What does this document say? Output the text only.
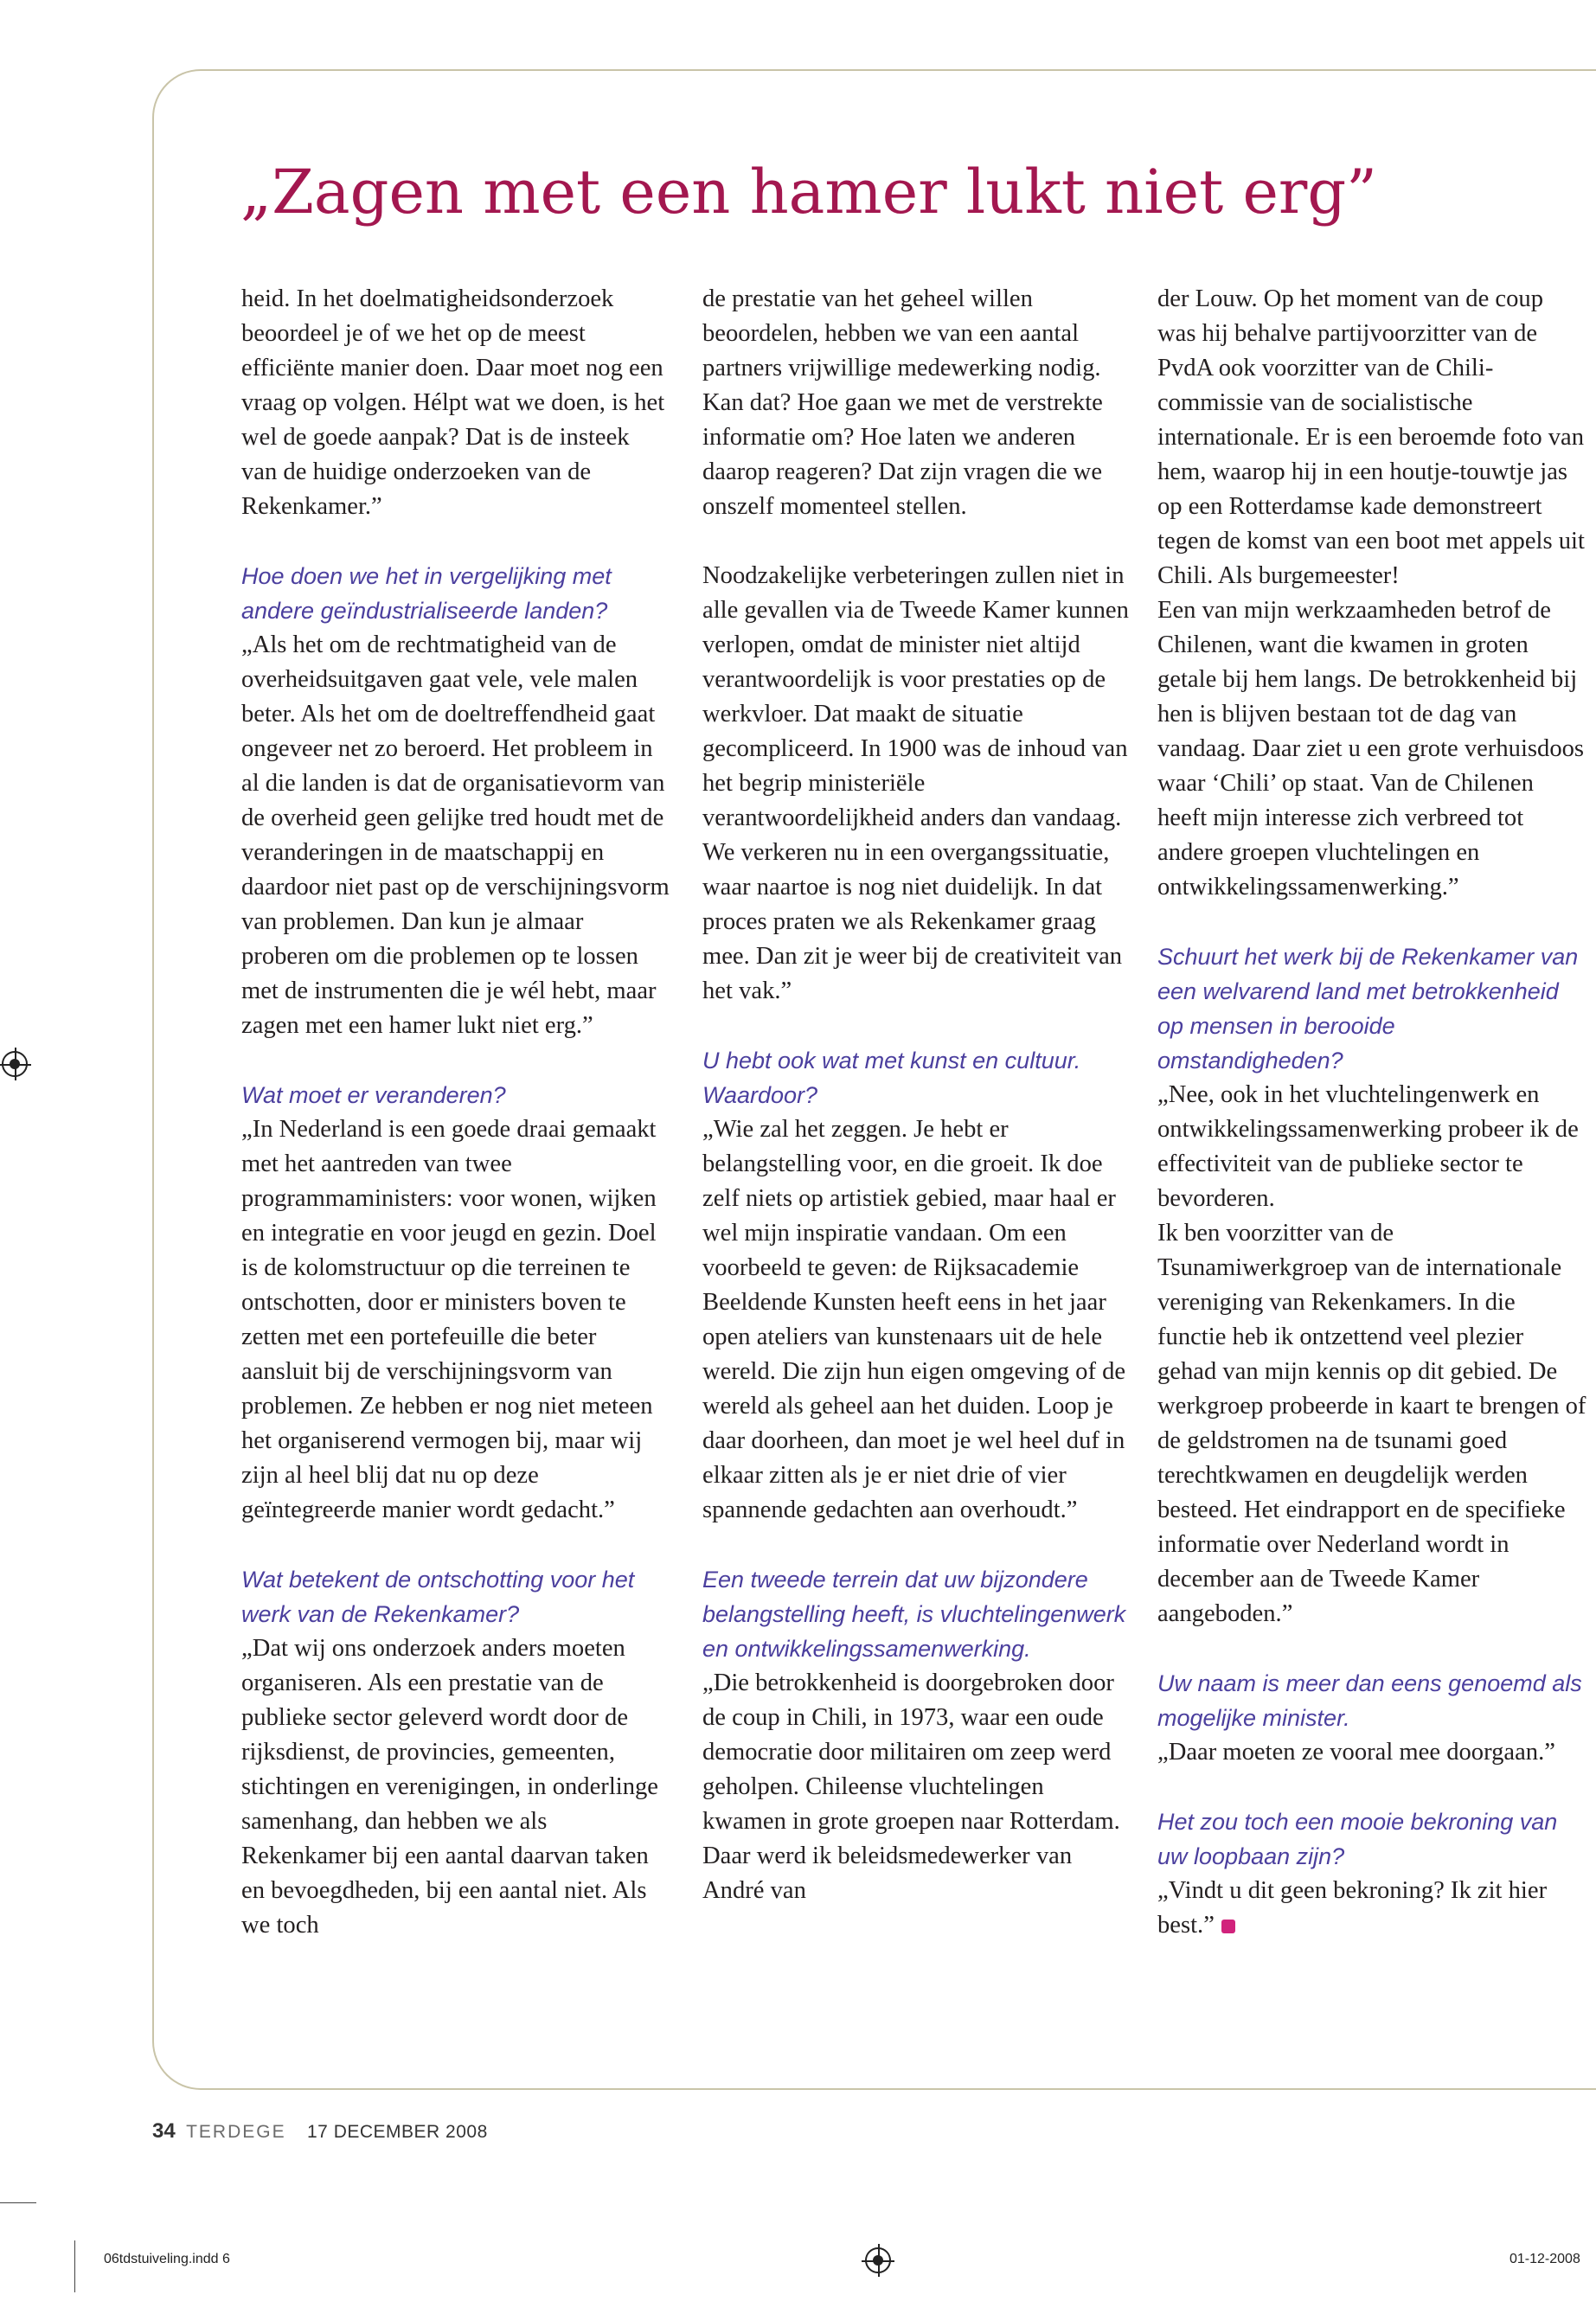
„Zagen met een hamer lukt niet erg”

heid. In het doelmatigheidsonderzoek beoordeel je of we het op de meest efficiënte manier doen. Daar moet nog een vraag op volgen. Hélpt wat we doen, is het wel de goede aanpak? Dat is de insteek van de huidige onderzoeken van de Rekenkamer.”

Hoe doen we het in vergelijking met andere geïndustrialiseerde landen?

„Als het om de rechtmatigheid van de overheidsuitgaven gaat vele, vele malen beter. Als het om de doeltreffendheid gaat ongeveer net zo beroerd. Het probleem in al die landen is dat de organisatievorm van de overheid geen gelijke tred houdt met de veranderingen in de maatschappij en daardoor niet past op de verschijningsvorm van problemen. Dan kun je almaar proberen om die problemen op te lossen met de instrumenten die je wél hebt, maar zagen met een hamer lukt niet erg.”

Wat moet er veranderen?

„In Nederland is een goede draai gemaakt met het aantreden van twee programmaministers: voor wonen, wijken en integratie en voor jeugd en gezin. Doel is de kolomstructuur op die terreinen te ontschotten, door er ministers boven te zetten met een portefeuille die beter aansluit bij de verschijningsvorm van problemen. Ze hebben er nog niet meteen het organiserend vermogen bij, maar wij zijn al heel blij dat nu op deze geïntegreerde manier wordt gedacht.”

Wat betekent de ontschotting voor het werk van de Rekenkamer?

„Dat wij ons onderzoek anders moeten organiseren. Als een prestatie van de publieke sector geleverd wordt door de rijksdienst, de provincies, gemeenten, stichtingen en verenigingen, in onderlinge samenhang, dan hebben we als Rekenkamer bij een aantal daarvan taken en bevoegdheden, bij een aantal niet. Als we toch

de prestatie van het geheel willen beoordelen, hebben we van een aantal partners vrijwillige medewerking nodig. Kan dat? Hoe gaan we met de verstrekte informatie om? Hoe laten we anderen daarop reageren? Dat zijn vragen die we onszelf momenteel stellen.

Noodzakelijke verbeteringen zullen niet in alle gevallen via de Tweede Kamer kunnen verlopen, omdat de minister niet altijd verantwoordelijk is voor prestaties op de werkvloer. Dat maakt de situatie gecompliceerd. In 1900 was de inhoud van het begrip ministeriële verantwoordelijkheid anders dan vandaag. We verkeren nu in een overgangssituatie, waar naartoe is nog niet duidelijk. In dat proces praten we als Rekenkamer graag mee. Dan zit je weer bij de creativiteit van het vak.”

U hebt ook wat met kunst en cultuur. Waardoor?

„Wie zal het zeggen. Je hebt er belangstelling voor, en die groeit. Ik doe zelf niets op artistiek gebied, maar haal er wel mijn inspiratie vandaan. Om een voorbeeld te geven: de Rijksacademie Beeldende Kunsten heeft eens in het jaar open ateliers van kunstenaars uit de hele wereld. Die zijn hun eigen omgeving of de wereld als geheel aan het duiden. Loop je daar doorheen, dan moet je wel heel duf in elkaar zitten als je er niet drie of vier spannende gedachten aan overhoudt.”

Een tweede terrein dat uw bijzondere belangstelling heeft, is vluchtelingenwerk en ontwikkelingssamenwerking.

„Die betrokkenheid is doorgebroken door de coup in Chili, in 1973, waar een oude democratie door militairen om zeep werd geholpen. Chileense vluchtelingen kwamen in grote groepen naar Rotterdam. Daar werd ik beleidsmedewerker van André van

der Louw. Op het moment van de coup was hij behalve partijvoorzitter van de PvdA ook voorzitter van de Chili-commissie van de socialistische internationale. Er is een beroemde foto van hem, waarop hij in een houtje-touwtje jas op een Rotterdamse kade demonstreert tegen de komst van een boot met appels uit Chili. Als burgemeester!

Een van mijn werkzaamheden betrof de Chilenen, want die kwamen in groten getale bij hem langs. De betrokkenheid bij hen is blijven bestaan tot de dag van vandaag. Daar ziet u een grote verhuisdoos waar ‘Chili’ op staat. Van de Chilenen heeft mijn interesse zich verbreed tot andere groepen vluchtelingen en ontwikkelingssamenwerking.”

Schuurt het werk bij de Rekenkamer van een welvarend land met betrokkenheid op mensen in berooide omstandigheden?

„Nee, ook in het vluchtelingenwerk en ontwikkelingssamenwerking probeer ik de effectiviteit van de publieke sector te bevorderen.

Ik ben voorzitter van de Tsunamiwerkgroep van de internationale vereniging van Rekenkamers. In die functie heb ik ontzettend veel plezier gehad van mijn kennis op dit gebied. De werkgroep probeerde in kaart te brengen of de geldstromen na de tsunami goed terechtkwamen en deugdelijk werden besteed. Het eindrapport en de specifieke informatie over Nederland wordt in december aan de Tweede Kamer aangeboden.”

Uw naam is meer dan eens genoemd als mogelijke minister.

„Daar moeten ze vooral mee doorgaan.”

Het zou toch een mooie bekroning van uw loopbaan zijn?

„Vindt u dit geen bekroning? Ik zit hier best.”

34 TERDEGE 17 DECEMBER 2008
06tdstuiveling.indd 6	01-12-2008
